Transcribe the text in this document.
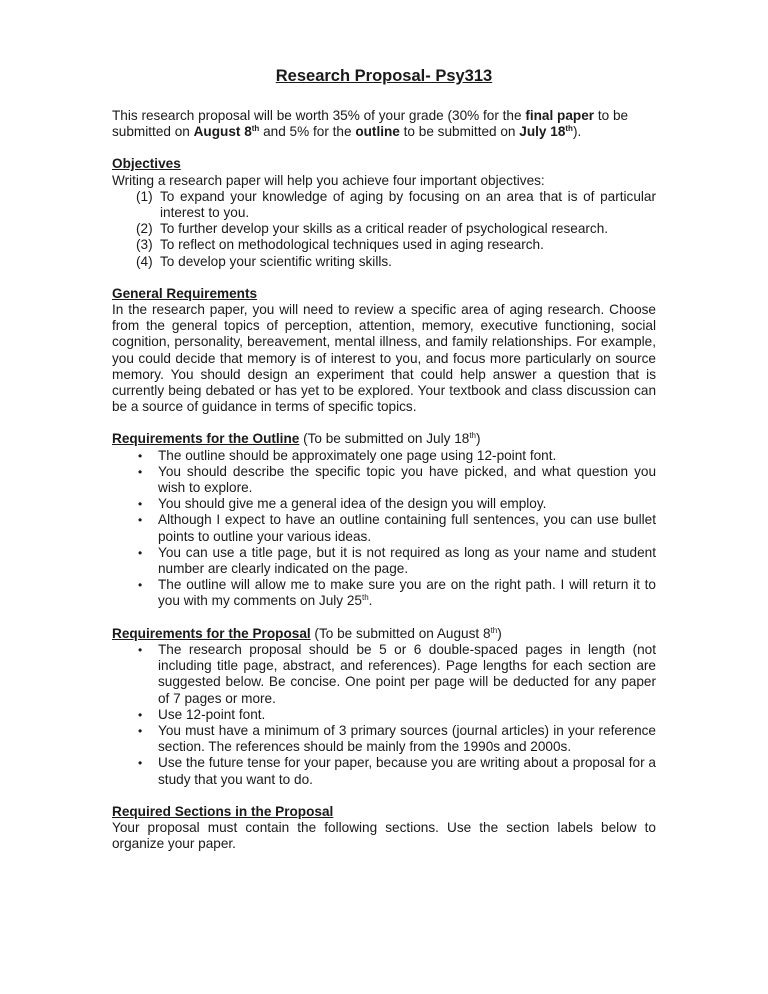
Research Proposal- Psy313

This research proposal will be worth 35% of your grade (30% for the final paper to be submitted on August 8th and 5% for the outline to be submitted on July 18th).

Objectives

Writing a research paper will help you achieve four important objectives:

(1) To expand your knowledge of aging by focusing on an area that is of particular interest to you.
(2) To further develop your skills as a critical reader of psychological research.
(3) To reflect on methodological techniques used in aging research.
(4) To develop your scientific writing skills.

General Requirements

In the research paper, you will need to review a specific area of aging research. Choose from the general topics of perception, attention, memory, executive functioning, social cognition, personality, bereavement, mental illness, and family relationships. For example, you could decide that memory is of interest to you, and focus more particularly on source memory. You should design an experiment that could help answer a question that is currently being debated or has yet to be explored. Your textbook and class discussion can be a source of guidance in terms of specific topics.

Requirements for the Outline (To be submitted on July 18th)

• The outline should be approximately one page using 12-point font.
• You should describe the specific topic you have picked, and what question you wish to explore.
• You should give me a general idea of the design you will employ.
• Although I expect to have an outline containing full sentences, you can use bullet points to outline your various ideas.
• You can use a title page, but it is not required as long as your name and student number are clearly indicated on the page.
• The outline will allow me to make sure you are on the right path. I will return it to you with my comments on July 25th.

Requirements for the Proposal (To be submitted on August 8th)

• The research proposal should be 5 or 6 double-spaced pages in length (not including title page, abstract, and references). Page lengths for each section are suggested below. Be concise. One point per page will be deducted for any paper of 7 pages or more.
• Use 12-point font.
• You must have a minimum of 3 primary sources (journal articles) in your reference section. The references should be mainly from the 1990s and 2000s.
• Use the future tense for your paper, because you are writing about a proposal for a study that you want to do.

Required Sections in the Proposal

Your proposal must contain the following sections. Use the section labels below to organize your paper.
